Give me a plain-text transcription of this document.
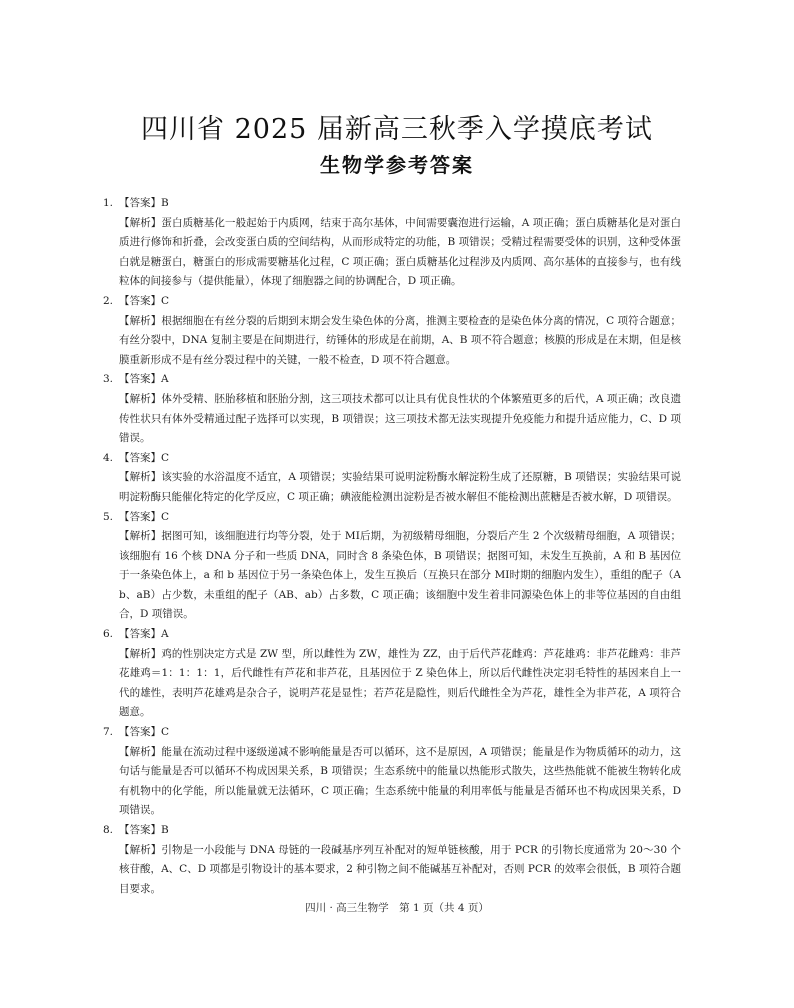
四川省 2025 届新高三秋季入学摸底考试
生物学参考答案
1. 【答案】B
【解析】蛋白质糖基化一般起始于内质网，结束于高尔基体，中间需要囊泡进行运输，A 项正确；蛋白质糖基化是对蛋白质进行修饰和折叠，会改变蛋白质的空间结构，从而形成特定的功能，B 项错误；受精过程需要受体的识别，这种受体蛋白就是糖蛋白，糖蛋白的形成需要糖基化过程，C 项正确；蛋白质糖基化过程涉及内质网、高尔基体的直接参与，也有线粒体的间接参与（提供能量），体现了细胞器之间的协调配合，D 项正确。
2. 【答案】C
【解析】根据细胞在有丝分裂的后期到末期会发生染色体的分离，推测主要检查的是染色体分离的情况，C 项符合题意；有丝分裂中，DNA 复制主要是在间期进行，纺锤体的形成是在前期，A、B 项不符合题意；核膜的形成是在末期，但是核膜重新形成不是有丝分裂过程中的关键，一般不检查，D 项不符合题意。
3. 【答案】A
【解析】体外受精、胚胎移植和胚胎分割，这三项技术都可以让具有优良性状的个体繁殖更多的后代，A 项正确；改良遗传性状只有体外受精通过配子选择可以实现，B 项错误；这三项技术都无法实现提升免疫能力和提升适应能力，C、D 项错误。
4. 【答案】C
【解析】该实验的水浴温度不适宜，A 项错误；实验结果可说明淀粉酶水解淀粉生成了还原糖，B 项错误；实验结果可说明淀粉酶只能催化特定的化学反应，C 项正确；碘液能检测出淀粉是否被水解但不能检测出蔗糖是否被水解，D 项错误。
5. 【答案】C
【解析】据图可知，该细胞进行均等分裂，处于 MⅠ后期，为初级精母细胞，分裂后产生 2 个次级精母细胞，A 项错误；该细胞有 16 个核 DNA 分子和一些质 DNA，同时含 8 条染色体，B 项错误；据图可知，未发生互换前，A 和 B 基因位于一条染色体上，a 和 b 基因位于另一条染色体上，发生互换后（互换只在部分 MⅠ时期的细胞内发生），重组的配子（Ab、aB）占少数，未重组的配子（AB、ab）占多数，C 项正确；该细胞中发生着非同源染色体上的非等位基因的自由组合，D 项错误。
6. 【答案】A
【解析】鸡的性别决定方式是 ZW 型，所以雌性为 ZW，雄性为 ZZ，由于后代芦花雌鸡：芦花雄鸡：非芦花雌鸡：非芦花雄鸡＝1：1：1：1，后代雌性有芦花和非芦花，且基因位于 Z 染色体上，所以后代雌性决定羽毛特性的基因来自上一代的雄性，表明芦花雄鸡是杂合子，说明芦花是显性；若芦花是隐性，则后代雌性全为芦花，雄性全为非芦花，A 项符合题意。
7. 【答案】C
【解析】能量在流动过程中逐级递减不影响能量是否可以循环，这不是原因，A 项错误；能量是作为物质循环的动力，这句话与能量是否可以循环不构成因果关系，B 项错误；生态系统中的能量以热能形式散失，这些热能就不能被生物转化成有机物中的化学能，所以能量就无法循环，C 项正确；生态系统中能量的利用率低与能量是否循环也不构成因果关系，D 项错误。
8. 【答案】B
【解析】引物是一小段能与 DNA 母链的一段碱基序列互补配对的短单链核酸，用于 PCR 的引物长度通常为 20～30 个核苷酸，A、C、D 项都是引物设计的基本要求，2 种引物之间不能碱基互补配对，否则 PCR 的效率会很低，B 项符合题目要求。
四川 · 高三生物学　第 1 页（共 4 页）
